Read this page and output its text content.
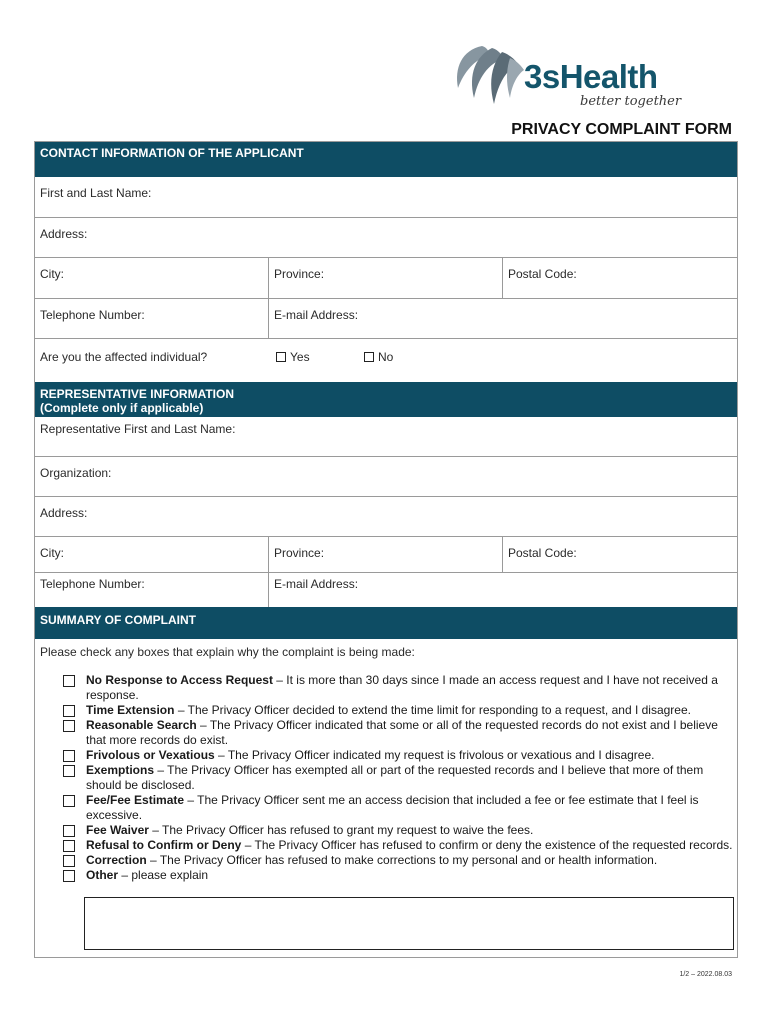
3sHealth
better together
PRIVACY COMPLAINT FORM
CONTACT INFORMATION OF THE APPLICANT
First and Last Name:
Address:
City:	Province:	Postal Code:
Telephone Number:	E-mail Address:
Are you the affected individual?	Yes	No
REPRESENTATIVE INFORMATION
(Complete only if applicable)
Representative First and Last Name:
Organization:
Address:
City:	Province:	Postal Code:
Telephone Number:	E-mail Address:
SUMMARY OF COMPLAINT
Please check any boxes that explain why the complaint is being made:
No Response to Access Request – It is more than 30 days since I made an access request and I have not received a response.
Time Extension – The Privacy Officer decided to extend the time limit for responding to a request, and I disagree.
Reasonable Search – The Privacy Officer indicated that some or all of the requested records do not exist and I believe that more records do exist.
Frivolous or Vexatious – The Privacy Officer indicated my request is frivolous or vexatious and I disagree.
Exemptions – The Privacy Officer has exempted all or part of the requested records and I believe that more of them should be disclosed.
Fee/Fee Estimate – The Privacy Officer sent me an access decision that included a fee or fee estimate that I feel is excessive.
Fee Waiver – The Privacy Officer has refused to grant my request to waive the fees.
Refusal to Confirm or Deny – The Privacy Officer has refused to confirm or deny the existence of the requested records.
Correction – The Privacy Officer has refused to make corrections to my personal and or health information.
Other – please explain
1/2 – 2022.08.03
